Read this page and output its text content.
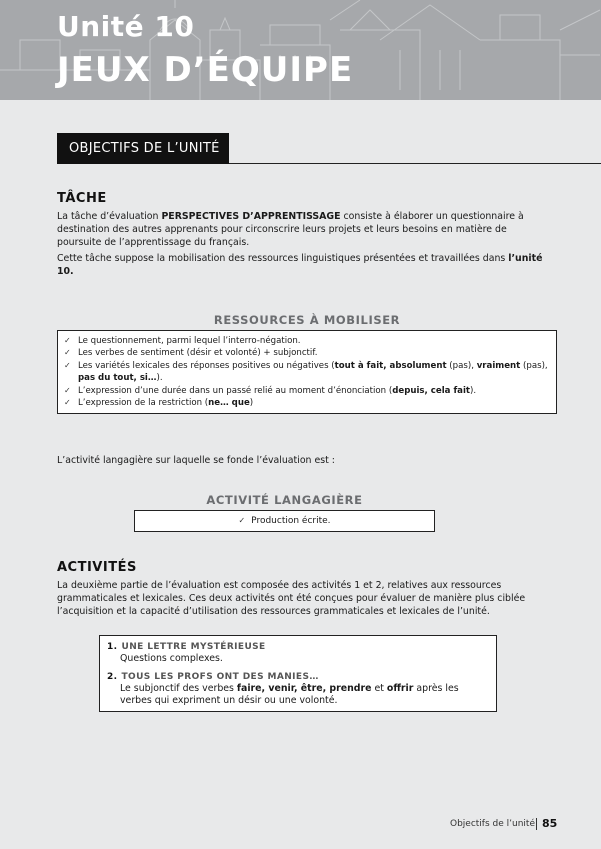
Unité 10
JEUX D’ÉQUIPE
OBJECTIFS DE L’UNITÉ
TÂCHE
La tâche d’évaluation PERSPECTIVES D’APPRENTISSAGE consiste à élaborer un questionnaire à destination des autres apprenants pour circonscrire leurs projets et leurs besoins en matière de poursuite de l’apprentissage du français.
Cette tâche suppose la mobilisation des ressources linguistiques présentées et travaillées dans l’unité 10.
RESSOURCES À MOBILISER
✓ Le questionnement, parmi lequel l’interro-négation.
✓ Les verbes de sentiment (désir et volonté) + subjonctif.
✓ Les variétés lexicales des réponses positives ou négatives (tout à fait, absolument (pas), vraiment (pas), pas du tout, si…).
✓ L’expression d’une durée dans un passé relié au moment d’énonciation (depuis, cela fait).
✓ L’expression de la restriction (ne… que)
L’activité langagière sur laquelle se fonde l’évaluation est :
ACTIVITÉ LANGAGIÈRE
✓ Production écrite.
ACTIVITÉS
La deuxième partie de l’évaluation est composée des activités 1 et 2, relatives aux ressources grammaticales et lexicales. Ces deux activités ont été conçues pour évaluer de manière plus ciblée l’acquisition et la capacité d’utilisation des ressources grammaticales et lexicales de l’unité.
1. UNE LETTRE MYSTÉRIEUSE
Questions complexes.
2. TOUS LES PROFS ONT DES MANIES…
Le subjonctif des verbes faire, venir, être, prendre et offrir après les verbes qui expriment un désir ou une volonté.
Objectifs de l’unité 85
